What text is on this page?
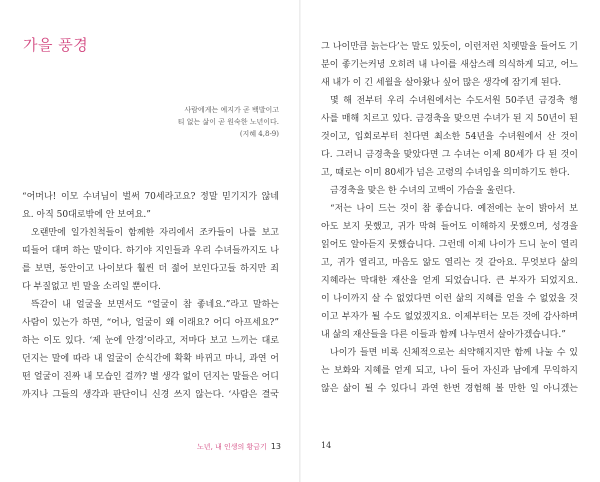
가을 풍경
사람에게는 예지가 곧 백발이고
티 없는 삶이 곧 원숙한 노년이다.
(지혜 4,8-9)
“어머나! 이모 수녀님이 벌써 70세라고요? 정말 믿기지가 않네
요. 아직 50대로밖에 안 보여요.”
오랜만에 일가친척들이 함께한 자리에서 조카들이 나를 보고
띠들어 대며 하는 말이다. 하기야 지인들과 우리 수녀들까지도 나
를 보면, 동안이고 나이보다 훨씬 더 젊어 보인다고들 하지만 죄
다 부질없고 빈 말을 소리일 뿐이다.
뜩같이 내 얼굴을 보면서도 “얼굴이 참 좋네요.”라고 말하는
사람이 있는가 하면, “어나, 얼굴이 왜 이래요? 어디 아프세요?”
하는 이도 있다. ‘제 눈에 안경’이라고, 저마다 보고 느끼는 대로
던지는 말에 따라 내 얼굴이 순식간에 확확 바뀌고 마니, 과연 어
떤 얼굴이 진짜 내 모습인 걸까? 별 생각 없이 던지는 말들은 어디
까지나 그들의 생각과 판단이니 신경 쓰지 않는다. ‘사람은 결국
노년, 내 인생의 황금기 13
그 나이만큼 늙는다’는 말도 있듯이, 이런저런 치렛말을 들어도 기
분이 좋기는커녕 오히려 내 나이를 새삼스레 의식하게 되고, 어느
새 내가 이 긴 세월을 살아왔나 싶어 많은 생각에 잠기게 된다.
몇 해 전부터 우리 수녀원에서는 수도서원 50주년 금경축 행
사를 매해 치르고 있다. 금경축을 맞으면 수녀가 된 지 50년이 된
것이고, 입회로부터 친다면 최소한 54년을 수녀원에서 산 것이
다. 그러니 금경축을 맞았다면 그 수녀는 이제 80세가 다 된 것이
고, 때로는 이미 80세가 넘은 고령의 수녀임을 의미하기도 한다.
금경축을 맞은 한 수녀의 고백이 가슴을 울린다.
“저는 나이 드는 것이 참 좋습니다. 예전에는 눈이 밝아서 보
아도 보지 못했고, 귀가 막혀 들어도 이해하지 못했으며, 성경을
읽어도 알아듣지 못했습니다. 그런데 이제 나이가 드니 눈이 열리
고, 귀가 열리고, 마음도 앎도 열리는 것 같아요. 무엇보다 삶의
지혜라는 막대한 재산을 얻게 되었습니다. 큰 부자가 되었지요.
이 나이까지 살 수 없었다면 이런 삶의 지혜를 얻을 수 없었을 것
이고 부자가 될 수도 없었겠지요. 이제부터는 모든 것에 감사하며
내 삶의 재산들을 다른 이들과 함께 나누면서 살아가겠습니다.”
나이가 들면 비록 신체적으로는 쇠약해지지만 함께 나눌 수 있
는 보화와 지혜를 얻게 되고, 나이 들어 자신과 남에게 무익하지
않은 삶이 될 수 있다니 과연 한번 경험해 볼 만한 일 아니겠는
14
